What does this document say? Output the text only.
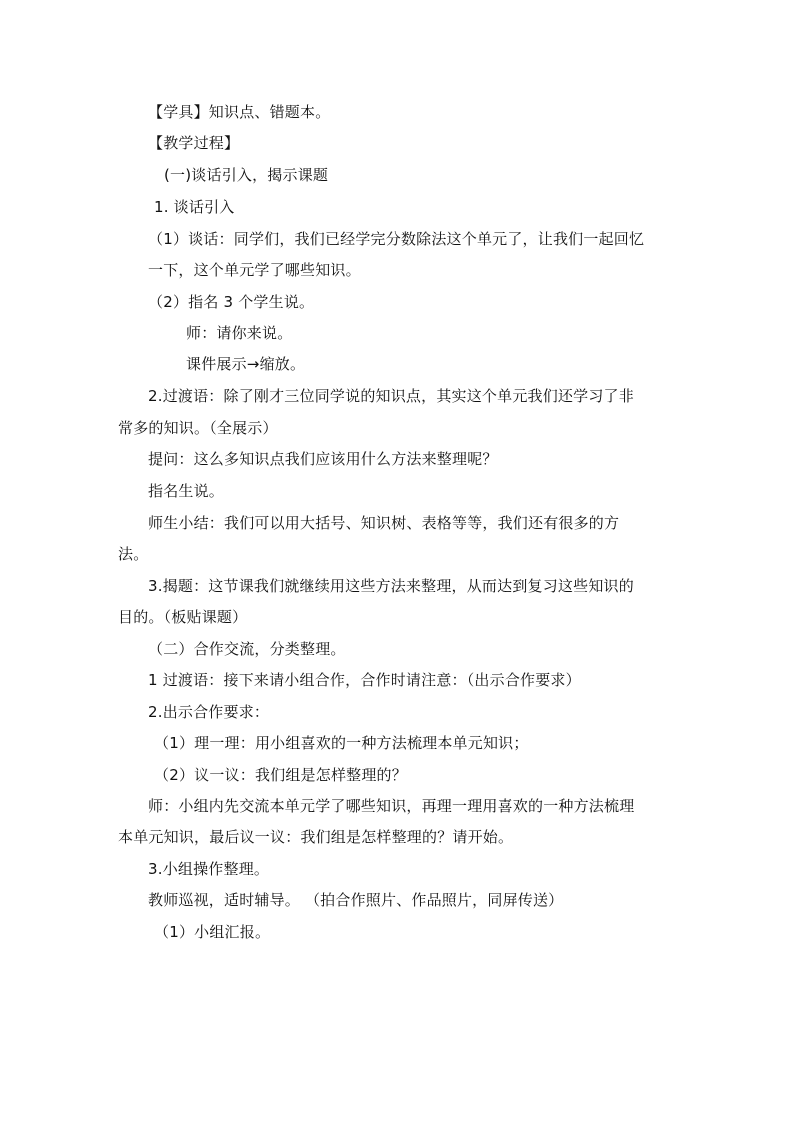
【学具】知识点、错题本。
【教学过程】
(一)谈话引入，揭示课题
1. 谈话引入
（1）谈话：同学们，我们已经学完分数除法这个单元了，让我们一起回忆
一下，这个单元学了哪些知识。
（2）指名 3 个学生说。
师：请你来说。
课件展示→缩放。
2.过渡语：除了刚才三位同学说的知识点，其实这个单元我们还学习了非
常多的知识。（全展示）
提问：这么多知识点我们应该用什么方法来整理呢？
指名生说。
师生小结：我们可以用大括号、知识树、表格等等，我们还有很多的方
法。
3.揭题：这节课我们就继续用这些方法来整理，从而达到复习这些知识的
目的。（板贴课题）
（二）合作交流，分类整理。
1 过渡语：接下来请小组合作，合作时请注意：（出示合作要求）
2.出示合作要求：
（1）理一理：用小组喜欢的一种方法梳理本单元知识；
（2）议一议：我们组是怎样整理的？
师：小组内先交流本单元学了哪些知识，再理一理用喜欢的一种方法梳理
本单元知识，最后议一议：我们组是怎样整理的？请开始。
3.小组操作整理。
教师巡视，适时辅导。 （拍合作照片、作品照片，同屏传送）
（1）小组汇报。
